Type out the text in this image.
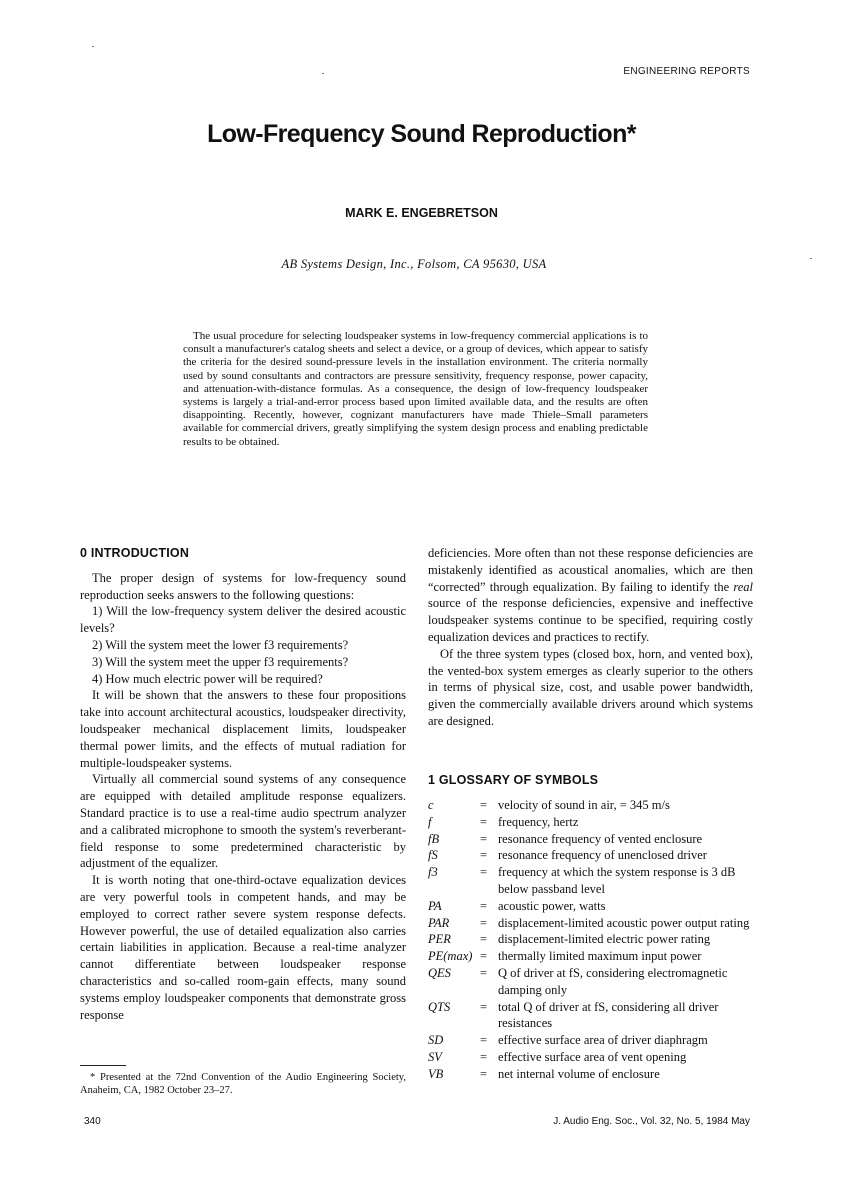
ENGINEERING REPORTS
Low-Frequency Sound Reproduction*
MARK E. ENGEBRETSON
AB Systems Design, Inc., Folsom, CA 95630, USA

The usual procedure for selecting loudspeaker systems in low-frequency commercial applications is to consult a manufacturer's catalog sheets and select a device, or a group of devices, which appear to satisfy the criteria for the desired sound-pressure levels in the installation environment. The criteria normally used by sound consultants and contractors are pressure sensitivity, frequency response, power capacity, and attenuation-with-distance formulas. As a consequence, the design of low-frequency loudspeaker systems is largely a trial-and-error process based upon limited available data, and the results are often disappointing. Recently, however, cognizant manufacturers have made Thiele–Small parameters available for commercial drivers, greatly simplifying the system design process and enabling predictable results to be obtained.

0 INTRODUCTION

The proper design of systems for low-frequency sound reproduction seeks answers to the following questions:

1) Will the low-frequency system deliver the desired acoustic levels?
2) Will the system meet the lower f3 requirements?
3) Will the system meet the upper f3 requirements?
4) How much electric power will be required?

It will be shown that the answers to these four propositions take into account architectural acoustics, loudspeaker directivity, loudspeaker mechanical displacement limits, loudspeaker thermal power limits, and the effects of mutual radiation for multiple-loudspeaker systems.

Virtually all commercial sound systems of any consequence are equipped with detailed amplitude response equalizers. Standard practice is to use a real-time audio spectrum analyzer and a calibrated microphone to smooth the system's reverberant-field response to some predetermined characteristic by adjustment of the equalizer.

It is worth noting that one-third-octave equalization devices are very powerful tools in competent hands, and may be employed to correct rather severe system response defects. However powerful, the use of detailed equalization also carries certain liabilities in application. Because a real-time analyzer cannot differentiate between loudspeaker response characteristics and so-called room-gain effects, many sound systems employ loudspeaker components that demonstrate gross response

* Presented at the 72nd Convention of the Audio Engineering Society, Anaheim, CA, 1982 October 23–27.

deficiencies. More often than not these response deficiencies are mistakenly identified as acoustical anomalies, which are then “corrected” through equalization. By failing to identify the real source of the response deficiencies, expensive and ineffective loudspeaker systems continue to be specified, requiring costly equalization devices and practices to rectify.

Of the three system types (closed box, horn, and vented box), the vented-box system emerges as clearly superior to the others in terms of physical size, cost, and usable power bandwidth, given the commercially available drivers around which systems are designed.

1 GLOSSARY OF SYMBOLS
c	= velocity of sound in air, = 345 m/s
f	= frequency, hertz
fB	= resonance frequency of vented enclosure
fS	= resonance frequency of unenclosed driver
f3	= frequency at which the system response is 3 dB below passband level
PA	= acoustic power, watts
PAR	= displacement-limited acoustic power output rating
PER	= displacement-limited electric power rating
PE(max) = thermally limited maximum input power
QES	= Q of driver at fS, considering electromagnetic damping only
QTS	= total Q of driver at fS, considering all driver resistances
SD	= effective surface area of driver diaphragm
SV	= effective surface area of vent opening
VB	= net internal volume of enclosure
340	J. Audio Eng. Soc., Vol. 32, No. 5, 1984 May
